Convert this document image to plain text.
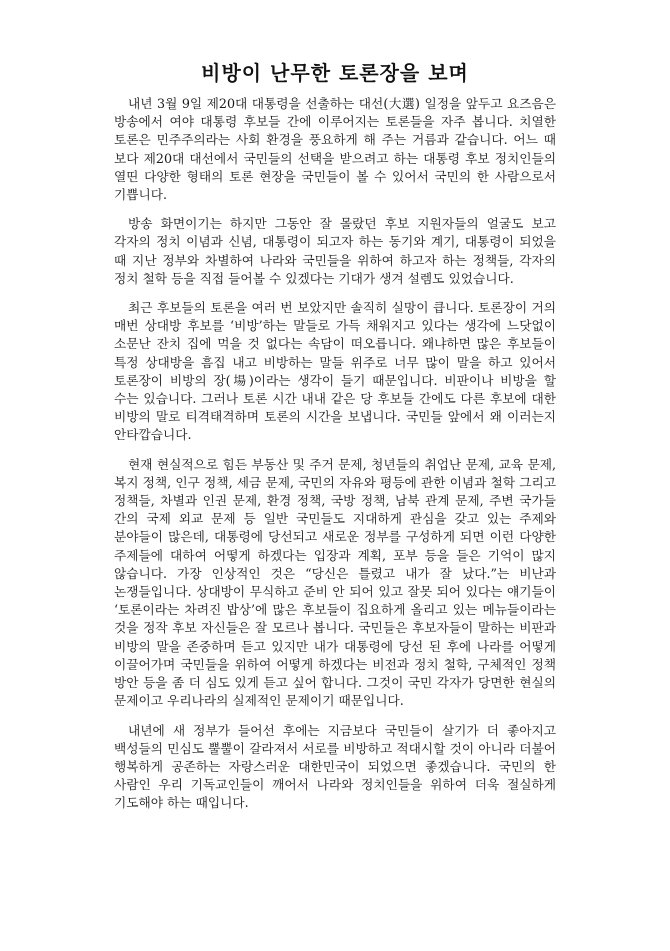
비방이 난무한 토론장을 보며

내년 3월 9일 제20대 대통령을 선출하는 대선(大選) 일정을 앞두고 요즈음은 방송에서 여야 대통령 후보들 간에 이루어지는 토론들을 자주 봅니다. 치열한 토론은 민주주의라는 사회 환경을 풍요하게 해 주는 거름과 같습니다. 어느 때 보다 제20대 대선에서 국민들의 선택을 받으려고 하는 대통령 후보 정치인들의 열띤 다양한 형태의 토론 현장을 국민들이 볼 수 있어서 국민의 한 사람으로서 기쁩니다.

방송 화면이기는 하지만 그동안 잘 몰랐던 후보 지원자들의 얼굴도 보고 각자의 정치 이념과 신념, 대통령이 되고자 하는 동기와 계기, 대통령이 되었을 때 지난 정부와 차별하여 나라와 국민들을 위하여 하고자 하는 정책들, 각자의 정치 철학 등을 직접 들어볼 수 있겠다는 기대가 생겨 설렘도 있었습니다.

최근 후보들의 토론을 여러 번 보았지만 솔직히 실망이 큽니다. 토론장이 거의 매번 상대방 후보를 ‘비방’하는 말들로 가득 채워지고 있다는 생각에 느닷없이 소문난 잔치 집에 먹을 것 없다는 속담이 떠오릅니다. 왜냐하면 많은 후보들이 특정 상대방을 흠집 내고 비방하는 말들 위주로 너무 많이 말을 하고 있어서 토론장이 비방의 장(場)이라는 생각이 들기 때문입니다. 비판이나 비방을 할 수는 있습니다. 그러나 토론 시간 내내 같은 당 후보들 간에도 다른 후보에 대한 비방의 말로 티격태격하며 토론의 시간을 보냅니다. 국민들 앞에서 왜 이러는지 안타깝습니다.

현재 현실적으로 힘든 부동산 및 주거 문제, 청년들의 취업난 문제, 교육 문제, 복지 정책, 인구 정책, 세금 문제, 국민의 자유와 평등에 관한 이념과 철학 그리고 정책들, 차별과 인권 문제, 환경 정책, 국방 정책, 남북 관계 문제, 주변 국가들 간의 국제 외교 문제 등 일반 국민들도 지대하게 관심을 갖고 있는 주제와 분야들이 많은데, 대통령에 당선되고 새로운 정부를 구성하게 되면 이런 다양한 주제들에 대하여 어떻게 하겠다는 입장과 계획, 포부 등을 들은 기억이 많지 않습니다. 가장 인상적인 것은 “당신은 틀렸고 내가 잘 났다.”는 비난과 논쟁들입니다. 상대방이 무식하고 준비 안 되어 있고 잘못 되어 있다는 얘기들이 ‘토론이라는 차려진 밥상’에 많은 후보들이 집요하게 올리고 있는 메뉴들이라는 것을 정작 후보 자신들은 잘 모르나 봅니다. 국민들은 후보자들이 말하는 비판과 비방의 말을 존중하며 듣고 있지만 내가 대통령에 당선 된 후에 나라를 어떻게 이끌어가며 국민들을 위하여 어떻게 하겠다는 비전과 정치 철학, 구체적인 정책 방안 등을 좀 더 심도 있게 듣고 싶어 합니다. 그것이 국민 각자가 당면한 현실의 문제이고 우리나라의 실제적인 문제이기 때문입니다.

내년에 새 정부가 들어선 후에는 지금보다 국민들이 살기가 더 좋아지고 백성들의 민심도 뿔뿔이 갈라져서 서로를 비방하고 적대시할 것이 아니라 더불어 행복하게 공존하는 자랑스러운 대한민국이 되었으면 좋겠습니다. 국민의 한 사람인 우리 기독교인들이 깨어서 나라와 정치인들을 위하여 더욱 절실하게 기도해야 하는 때입니다.
